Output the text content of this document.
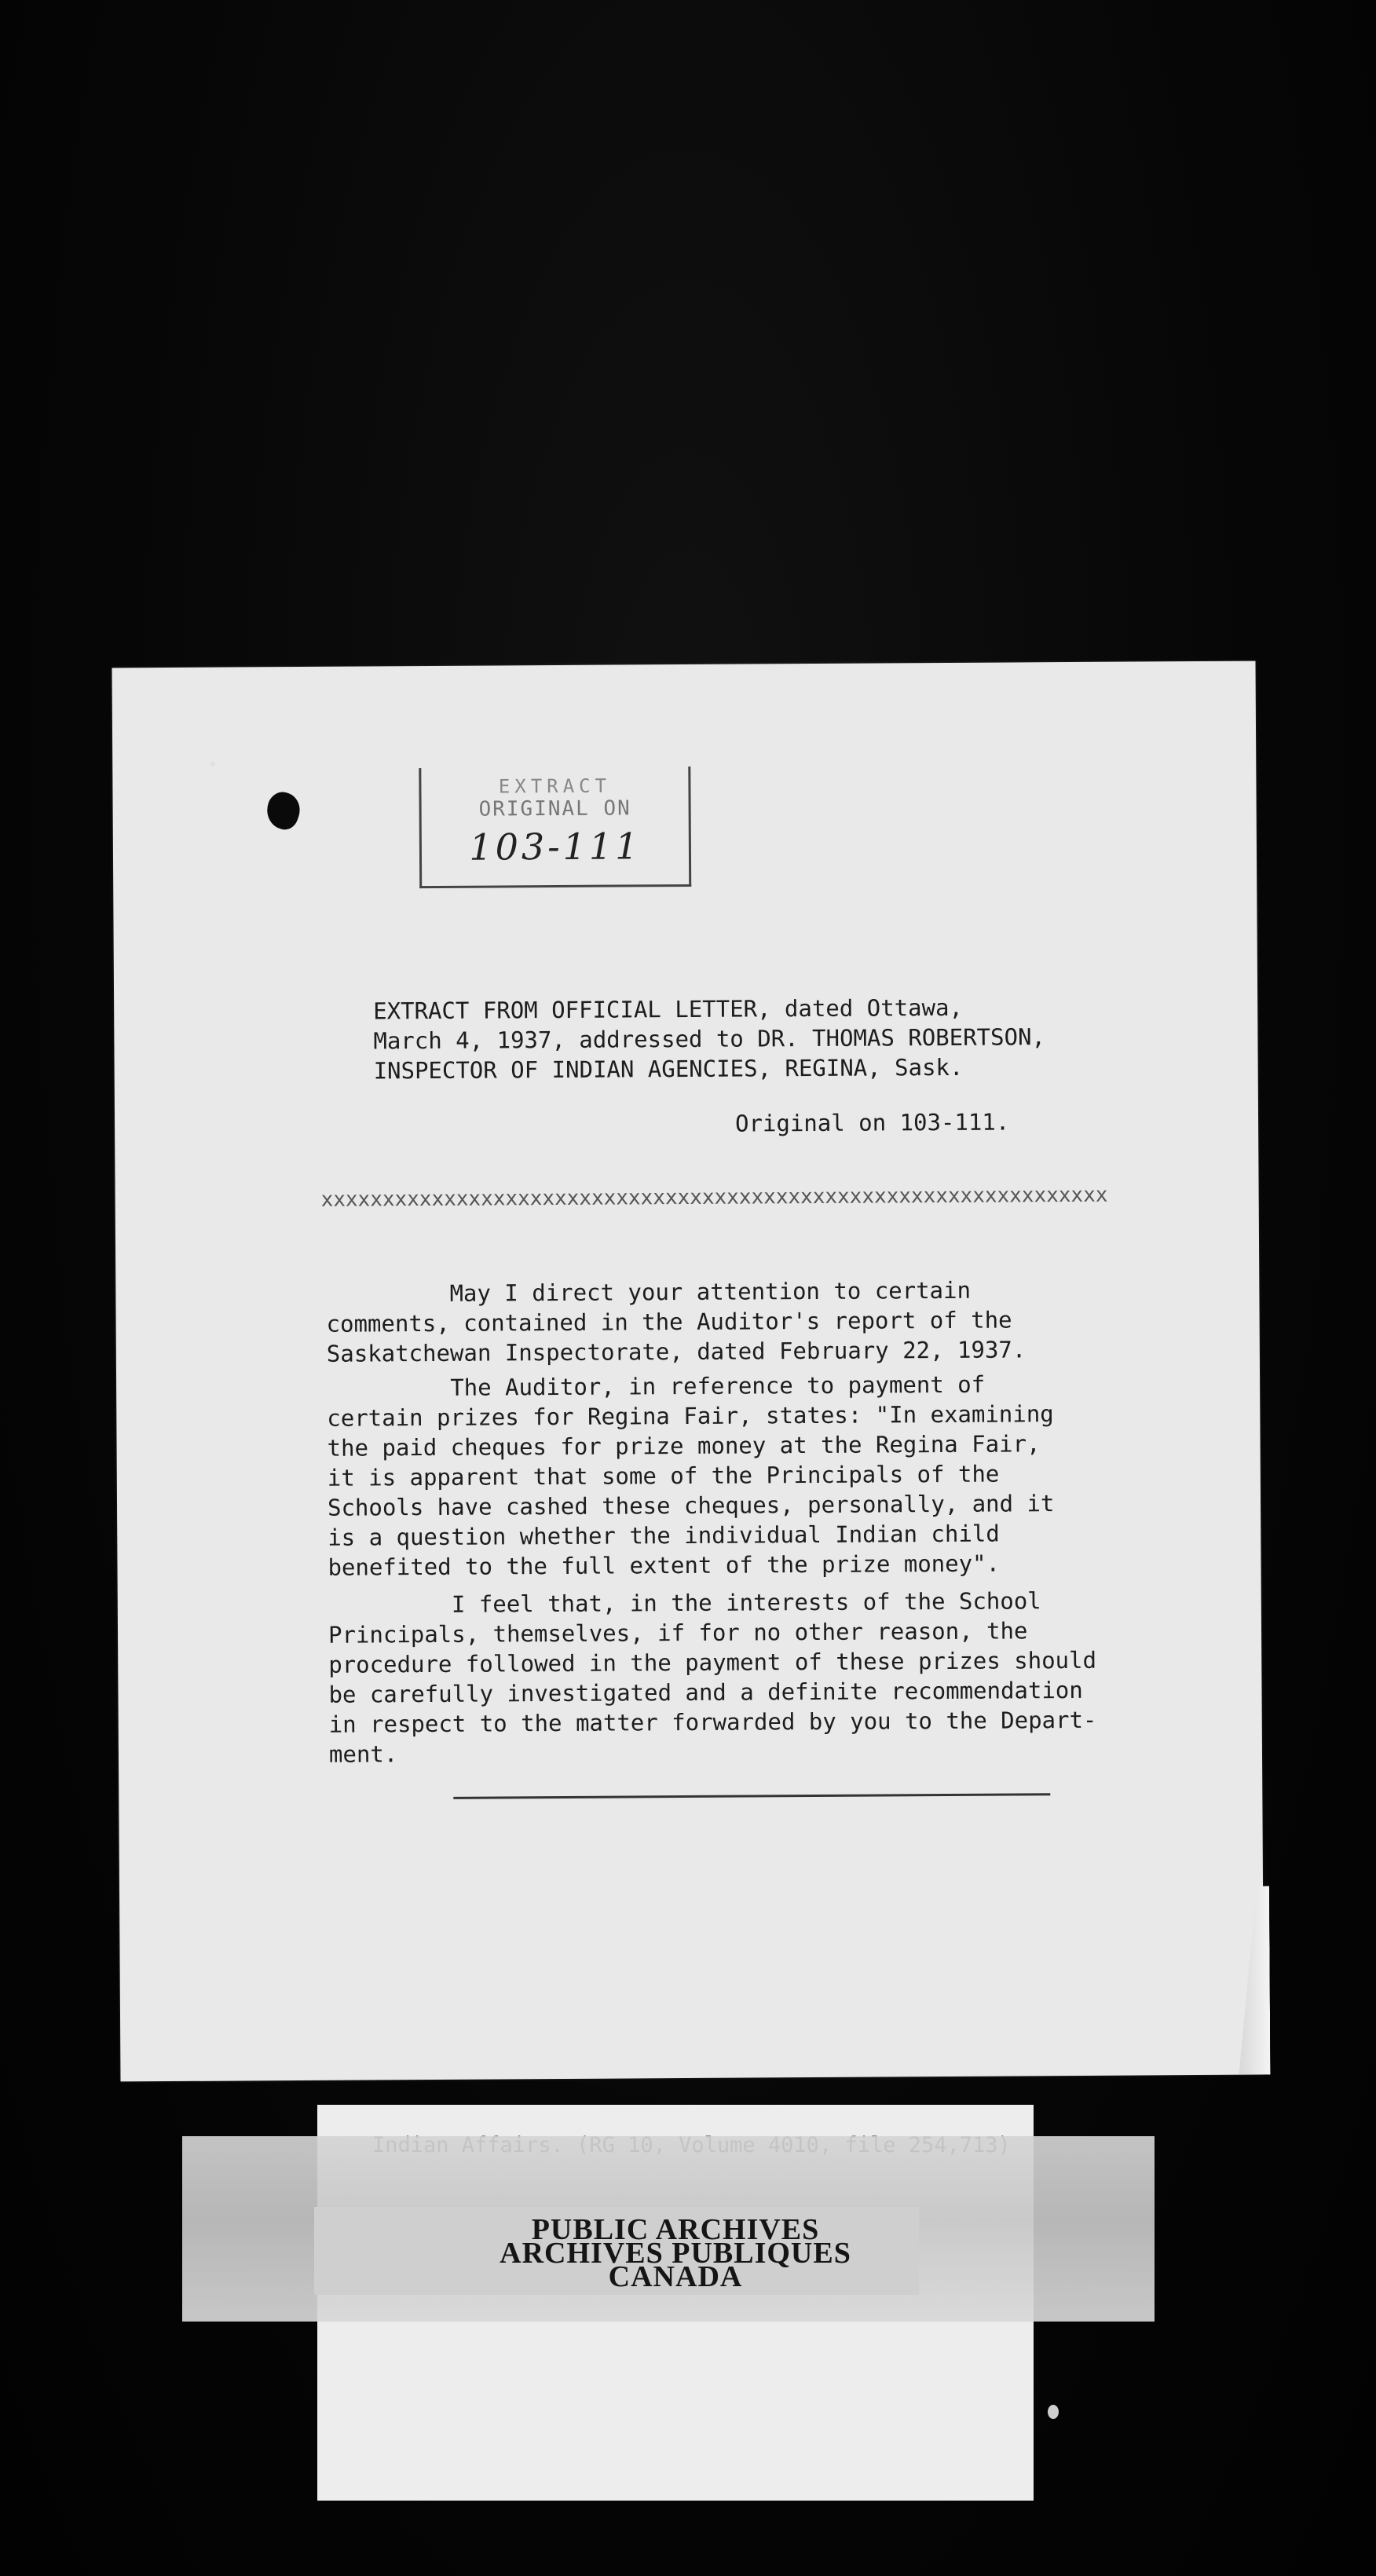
EXTRACT
ORIGINAL ON
103-111
EXTRACT FROM OFFICIAL LETTER, dated Ottawa,
March 4, 1937, addressed to DR. THOMAS ROBERTSON,
INSPECTOR OF INDIAN AGENCIES, REGINA, Sask.
Original on 103-111.
xxxxxxxxxxxxxxxxxxxxxxxxxxxxxxxxxxxxxxxxxxxxxxxxxxxxxxxxxxxxxxxx
May I direct your attention to certain
comments, contained in the Auditor's report of the
Saskatchewan Inspectorate, dated February 22, 1937.
The Auditor, in reference to payment of
certain prizes for Regina Fair, states: "In examining
the paid cheques for prize money at the Regina Fair,
it is apparent that some of the Principals of the
Schools have cashed these cheques, personally, and it
is a question whether the individual Indian child
benefited to the full extent of the prize money".
I feel that, in the interests of the School
Principals, themselves, if for no other reason, the
procedure followed in the payment of these prizes should
be carefully investigated and a definite recommendation
in respect to the matter forwarded by you to the Depart-
ment.
PUBLIC ARCHIVES
ARCHIVES PUBLIQUES
CANADA
